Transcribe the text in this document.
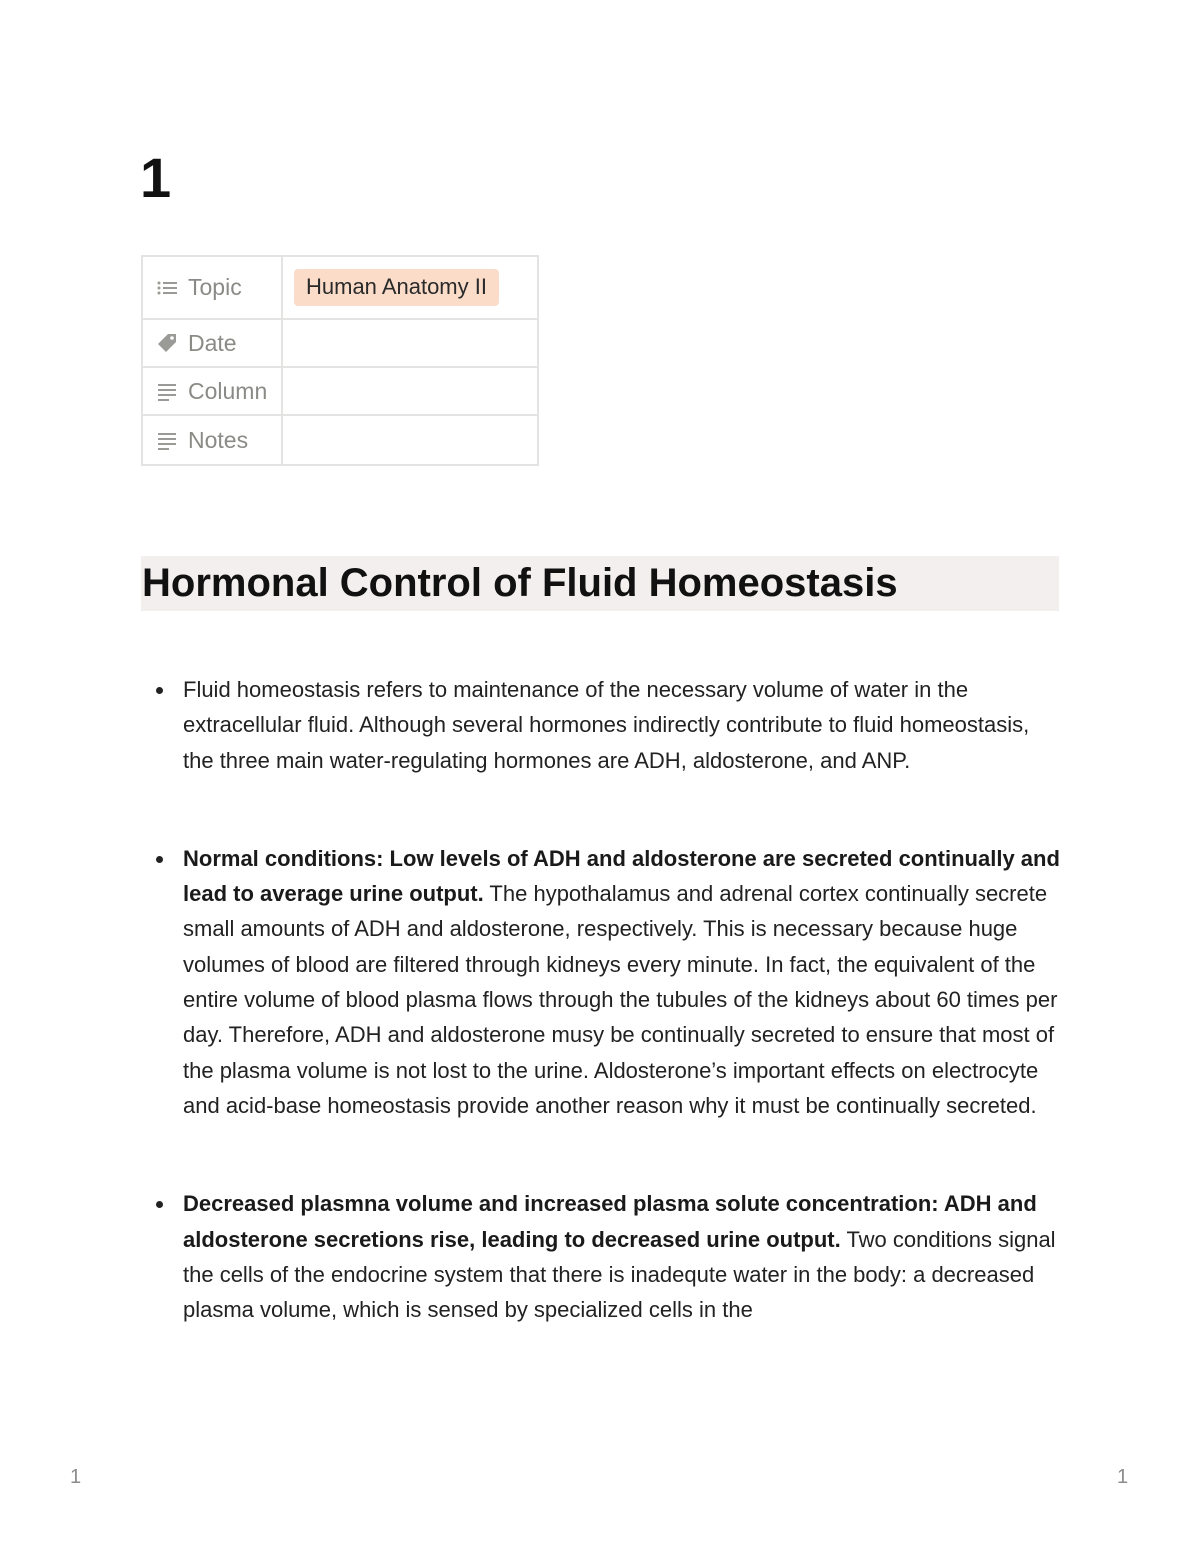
1
Topic	Human Anatomy II

Date	

Column	

Notes	

Hormonal Control of Fluid Homeostasis
Fluid homeostasis refers to maintenance of the necessary volume of water in the extracellular fluid. Although several hormones indirectly contribute to fluid homeostasis, the three main water-regulating hormones are ADH, aldosterone, and ANP.
Normal conditions: Low levels of ADH and aldosterone are secreted continually and lead to average urine output. The hypothalamus and adrenal cortex continually secrete small amounts of ADH and aldosterone, respectively. This is necessary because huge volumes of blood are filtered through kidneys every minute. In fact, the equivalent of the entire volume of blood plasma flows through the tubules of the kidneys about 60 times per day. Therefore, ADH and aldosterone musy be continually secreted to ensure that most of the plasma volume is not lost to the urine. Aldosterone’s important effects on electrocyte and acid-base homeostasis provide another reason why it must be continually secreted.
Decreased plasmna volume and increased plasma solute concentration: ADH and aldosterone secretions rise, leading to decreased urine output. Two conditions signal the cells of the endocrine system that there is inadequte water in the body: a decreased plasma volume, which is sensed by specialized cells in the
1	1
